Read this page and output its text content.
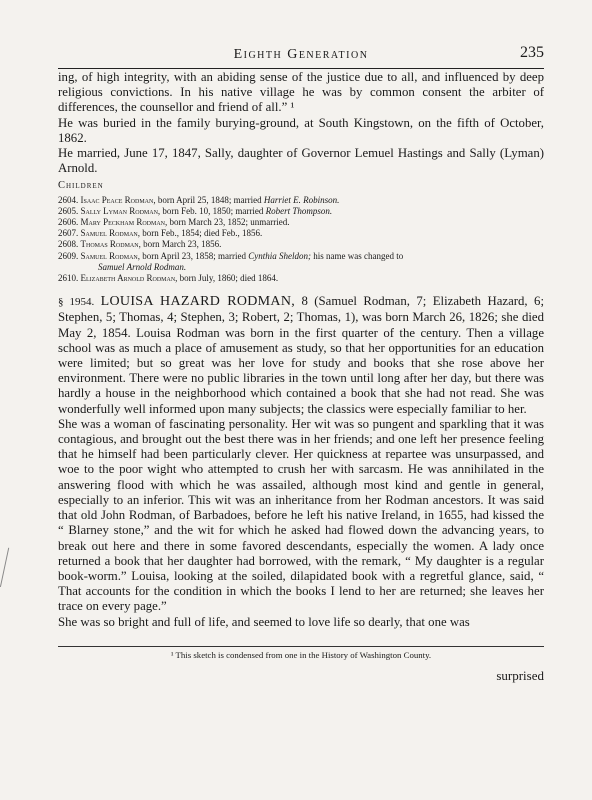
Eighth Generation	235

ing, of high integrity, with an abiding sense of the justice due to all, and influenced by deep religious convictions. In his native village he was by common consent the arbiter of differences, the counsellor and friend of all.” ¹

He was buried in the family burying-ground, at South Kingstown, on the fifth of October, 1862.

He married, June 17, 1847, Sally, daughter of Governor Lemuel Hastings and Sally (Lyman) Arnold.

Children
2604. Isaac Peace Rodman, born April 25, 1848; married Harriet E. Robinson.
2605. Sally Lyman Rodman, born Feb. 10, 1850; married Robert Thompson.
2606. Mary Peckham Rodman, born March 23, 1852; unmarried.
2607. Samuel Rodman, born Feb., 1854; died Feb., 1856.
2608. Thomas Rodman, born March 23, 1856.
2609. Samuel Rodman, born April 23, 1858; married Cynthia Sheldon; his name was changed to
Samuel Arnold Rodman.
2610. Elizabeth Arnold Rodman, born July, 1860; died 1864.

§ 1954. LOUISA HAZARD RODMAN, 8 (Samuel Rodman, 7; Elizabeth Hazard, 6; Stephen, 5; Thomas, 4; Stephen, 3; Robert, 2; Thomas, 1), was born March 26, 1826; she died May 2, 1854. Louisa Rodman was born in the first quarter of the century. Then a village school was as much a place of amusement as study, so that her opportunities for an education were limited; but so great was her love for study and books that she rose above her environment. There were no public libraries in the town until long after her day, but there was hardly a house in the neighborhood which contained a book that she had not read. She was wonderfully well informed upon many subjects; the classics were especially familiar to her.

She was a woman of fascinating personality. Her wit was so pungent and sparkling that it was contagious, and brought out the best there was in her friends; and one left her presence feeling that he himself had been particularly clever. Her quickness at repartee was unsurpassed, and woe to the poor wight who attempted to crush her with sarcasm. He was annihilated in the answering flood with which he was assailed, although most kind and gentle in general, especially to an inferior. This wit was an inheritance from her Rodman ancestors. It was said that old John Rodman, of Barbadoes, before he left his native Ireland, in 1655, had kissed the “ Blarney stone,” and the wit for which he asked had flowed down the advancing years, to break out here and there in some favored descendants, especially the women. A lady once returned a book that her daughter had borrowed, with the remark, “ My daughter is a regular book-worm.” Louisa, looking at the soiled, dilapidated book with a regretful glance, said, “ That accounts for the condition in which the books I lend to her are returned; she leaves her trace on every page.”

She was so bright and full of life, and seemed to love life so dearly, that one was

¹ This sketch is condensed from one in the History of Washington County.
surprised
